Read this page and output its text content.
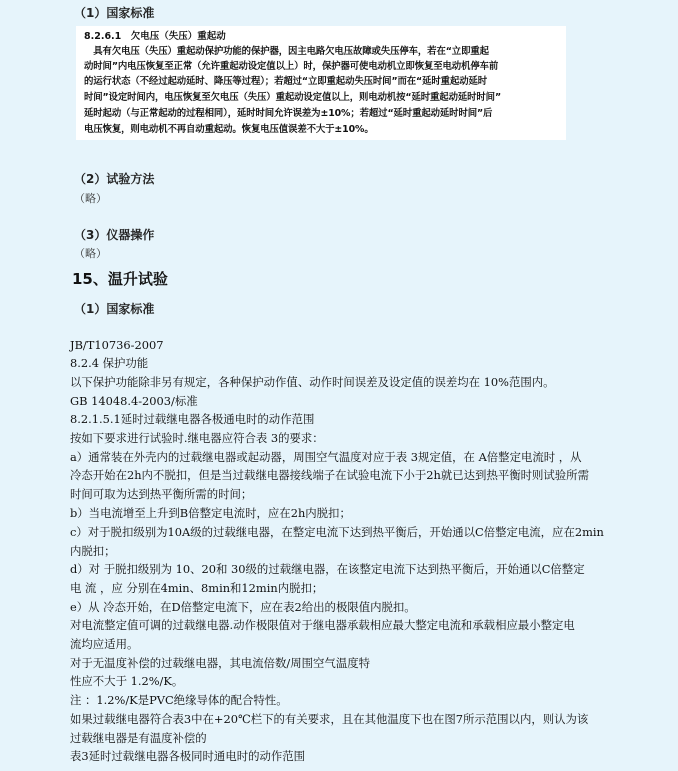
（1）国家标准
8.2.6.1　欠电压（失压）重起动
　具有欠电压（失压）重起动保护功能的保护器，因主电路欠电压故障或失压停车，若在“立即重起
动时间”内电压恢复至正常（允许重起动设定值以上）时，保护器可使电动机立即恢复至电动机停车前
的运行状态（不经过起动延时、降压等过程）；若超过“立即重起动失压时间”而在“延时重起动延时
时间”设定时间内，电压恢复至欠电压（失压）重起动设定值以上，则电动机按“延时重起动延时时间”
延时起动（与正常起动的过程相同），延时时间允许误差为±10%；若超过“延时重起动延时时间”后
电压恢复，则电动机不再自动重起动。恢复电压值误差不大于±10%。
（2）试验方法
（略）
（3）仪器操作
（略）
15、温升试验
（1）国家标准
JB/T10736-2007
8.2.4 保护功能
以下保护功能除非另有规定，各种保护动作值、动作时间误差及设定值的误差均在 10%范围内。
GB 14048.4-2003/标准
8.2.1.5.1延时过载继电器各极通电时的动作范围
按如下要求进行试验时.继电器应符合表 3的要求：
a）通常装在外壳内的过载继电器或起动器，周围空气温度对应于表 3规定值，在 A倍整定电流时 ，从
冷态开始在2h内不脱扣，但是当过载继电器接线端子在试验电流下小于2h就已达到热平衡时则试验所需
时间可取为达到热平衡所需的时间；
b）当电流增至上升到B倍整定电流时，应在2h内脱扣；
c）对于脱扣级别为10A级的过载继电器，在整定电流下达到热平衡后，开始通以C倍整定电流，应在2min
内脱扣；
d）对 于脱扣级别为 10、20和 30级的过载继电器，在该整定电流下达到热平衡后，开始通以C倍整定
电 流 ，应 分别在4min、8min和12min内脱扣；
e）从 冷态开始，在D倍整定电流下，应在表2给出的极限值内脱扣。
对电流整定值可调的过载继电器.动作极限值对于继电器承载相应最大整定电流和承载相应最小整定电
流均应适用。
对于无温度补偿的过载继电器，其电流倍数/周围空气温度特
性应不大于 1.2%/K。
注 ：1.2%/K是PVC绝缘导体的配合特性。
如果过载继电器符合表3中在+20℃栏下的有关要求，且在其他温度下也在图7所示范围以内，则认为该
过载继电器是有温度补偿的
表3延时过载继电器各极同时通电时的动作范围
